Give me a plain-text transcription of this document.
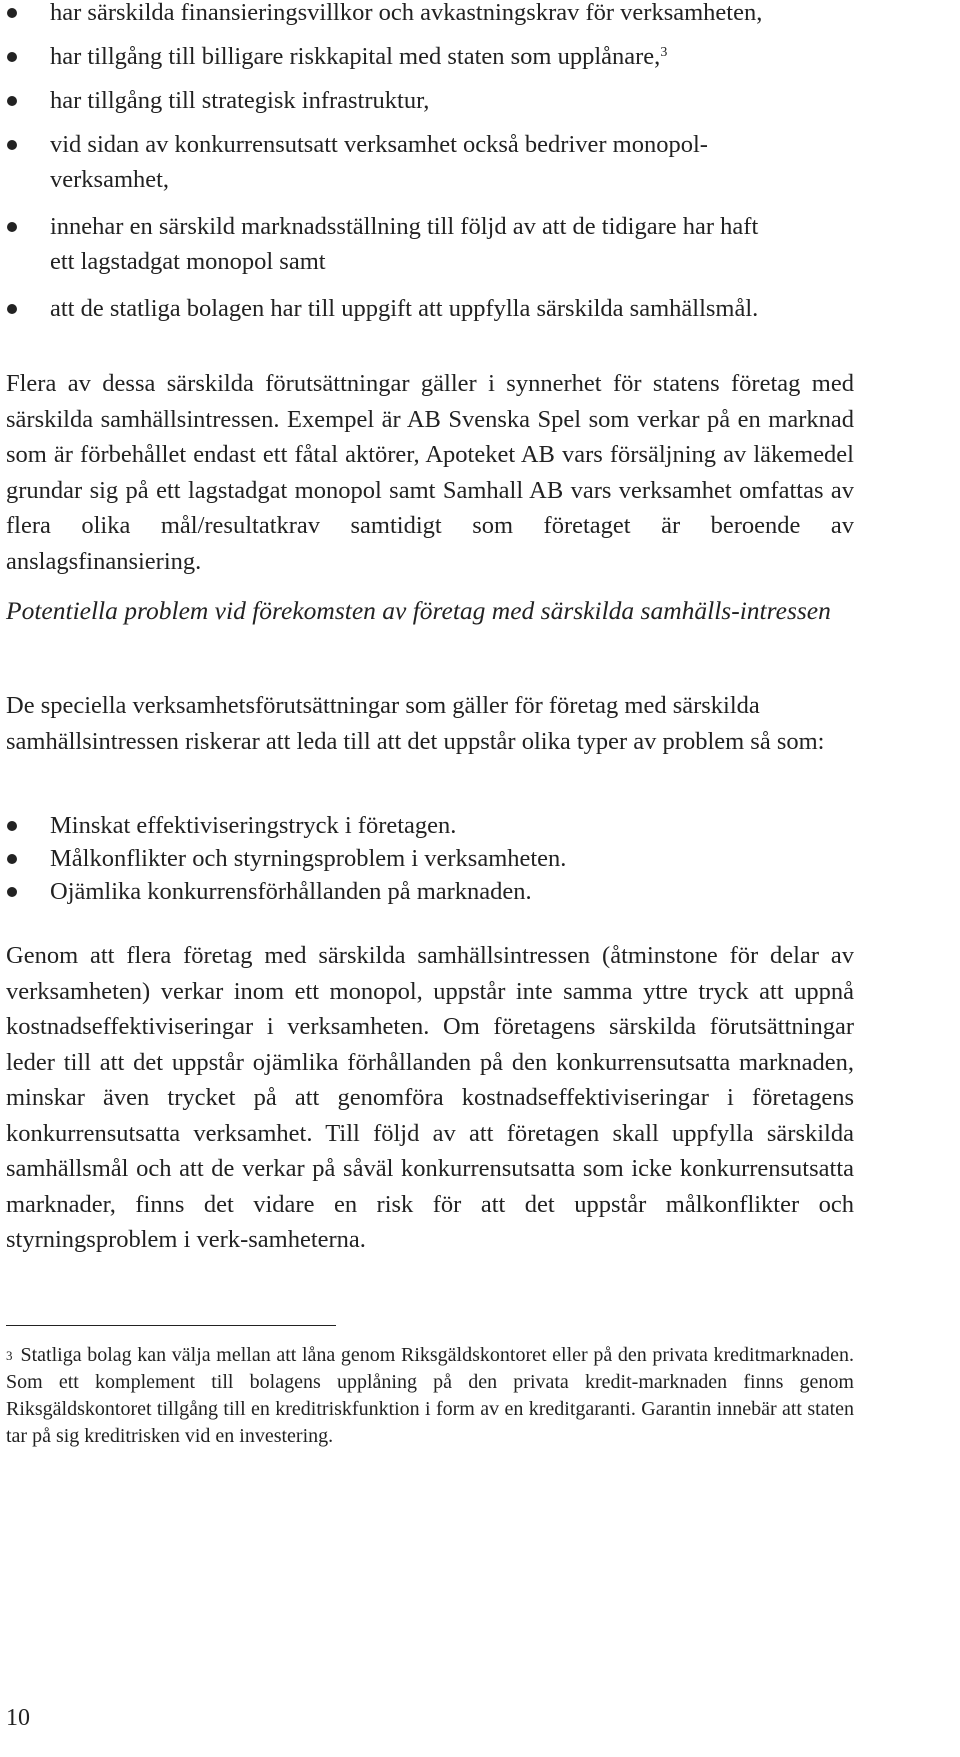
har särskilda finansieringsvillkor och avkastningskrav för verksamheten,
har tillgång till billigare riskkapital med staten som upplånare,$^3$
har tillgång till strategisk infrastruktur,
vid sidan av konkurrensutsatt verksamhet också bedriver monopol-
verksamhet,
innehar en särskild marknadsställning till följd av att de tidigare har haft
ett lagstadgat monopol samt
att de statliga bolagen har till uppgift att uppfylla särskilda samhällsmål.

Flera av dessa särskilda förutsättningar gäller i synnerhet för statens företag med särskilda samhällsintressen. Exempel är AB Svenska Spel som verkar på en marknad som är förbehållet endast ett fåtal aktörer, Apoteket AB vars försäljning av läkemedel grundar sig på ett lagstadgat monopol samt Samhall AB vars verksamhet omfattas av flera olika mål/resultatkrav samtidigt som företaget är beroende av anslagsfinansiering.

Potentiella problem vid förekomsten av företag med särskilda samhälls-intressen

De speciella verksamhetsförutsättningar som gäller för företag med särskilda samhällsintressen riskerar att leda till att det uppstår olika typer av problem så som:

Minskat effektiviseringstryck i företagen.
Målkonflikter och styrningsproblem i verksamheten.
Ojämlika konkurrensförhållanden på marknaden.

Genom att flera företag med särskilda samhällsintressen (åtminstone för delar av verksamheten) verkar inom ett monopol, uppstår inte samma yttre tryck att uppnå kostnadseffektiviseringar i verksamheten. Om företagens särskilda förutsättningar leder till att det uppstår ojämlika förhållanden på den konkurrensutsatta marknaden, minskar även trycket på att genomföra kostnadseffektiviseringar i företagens konkurrensutsatta verksamhet. Till följd av att företagen skall uppfylla särskilda samhällsmål och att de verkar på såväl konkurrensutsatta som icke konkurrensutsatta marknader, finns det vidare en risk för att det uppstår målkonflikter och styrningsproblem i verk-samheterna.

$^3$ Statliga bolag kan välja mellan att låna genom Riksgäldskontoret eller på den privata kreditmarknaden. Som ett komplement till bolagens upplåning på den privata kredit-marknaden finns genom Riksgäldskontoret tillgång till en kreditriskfunktion i form av en kreditgaranti. Garantin innebär att staten tar på sig kreditrisken vid en investering.

10
